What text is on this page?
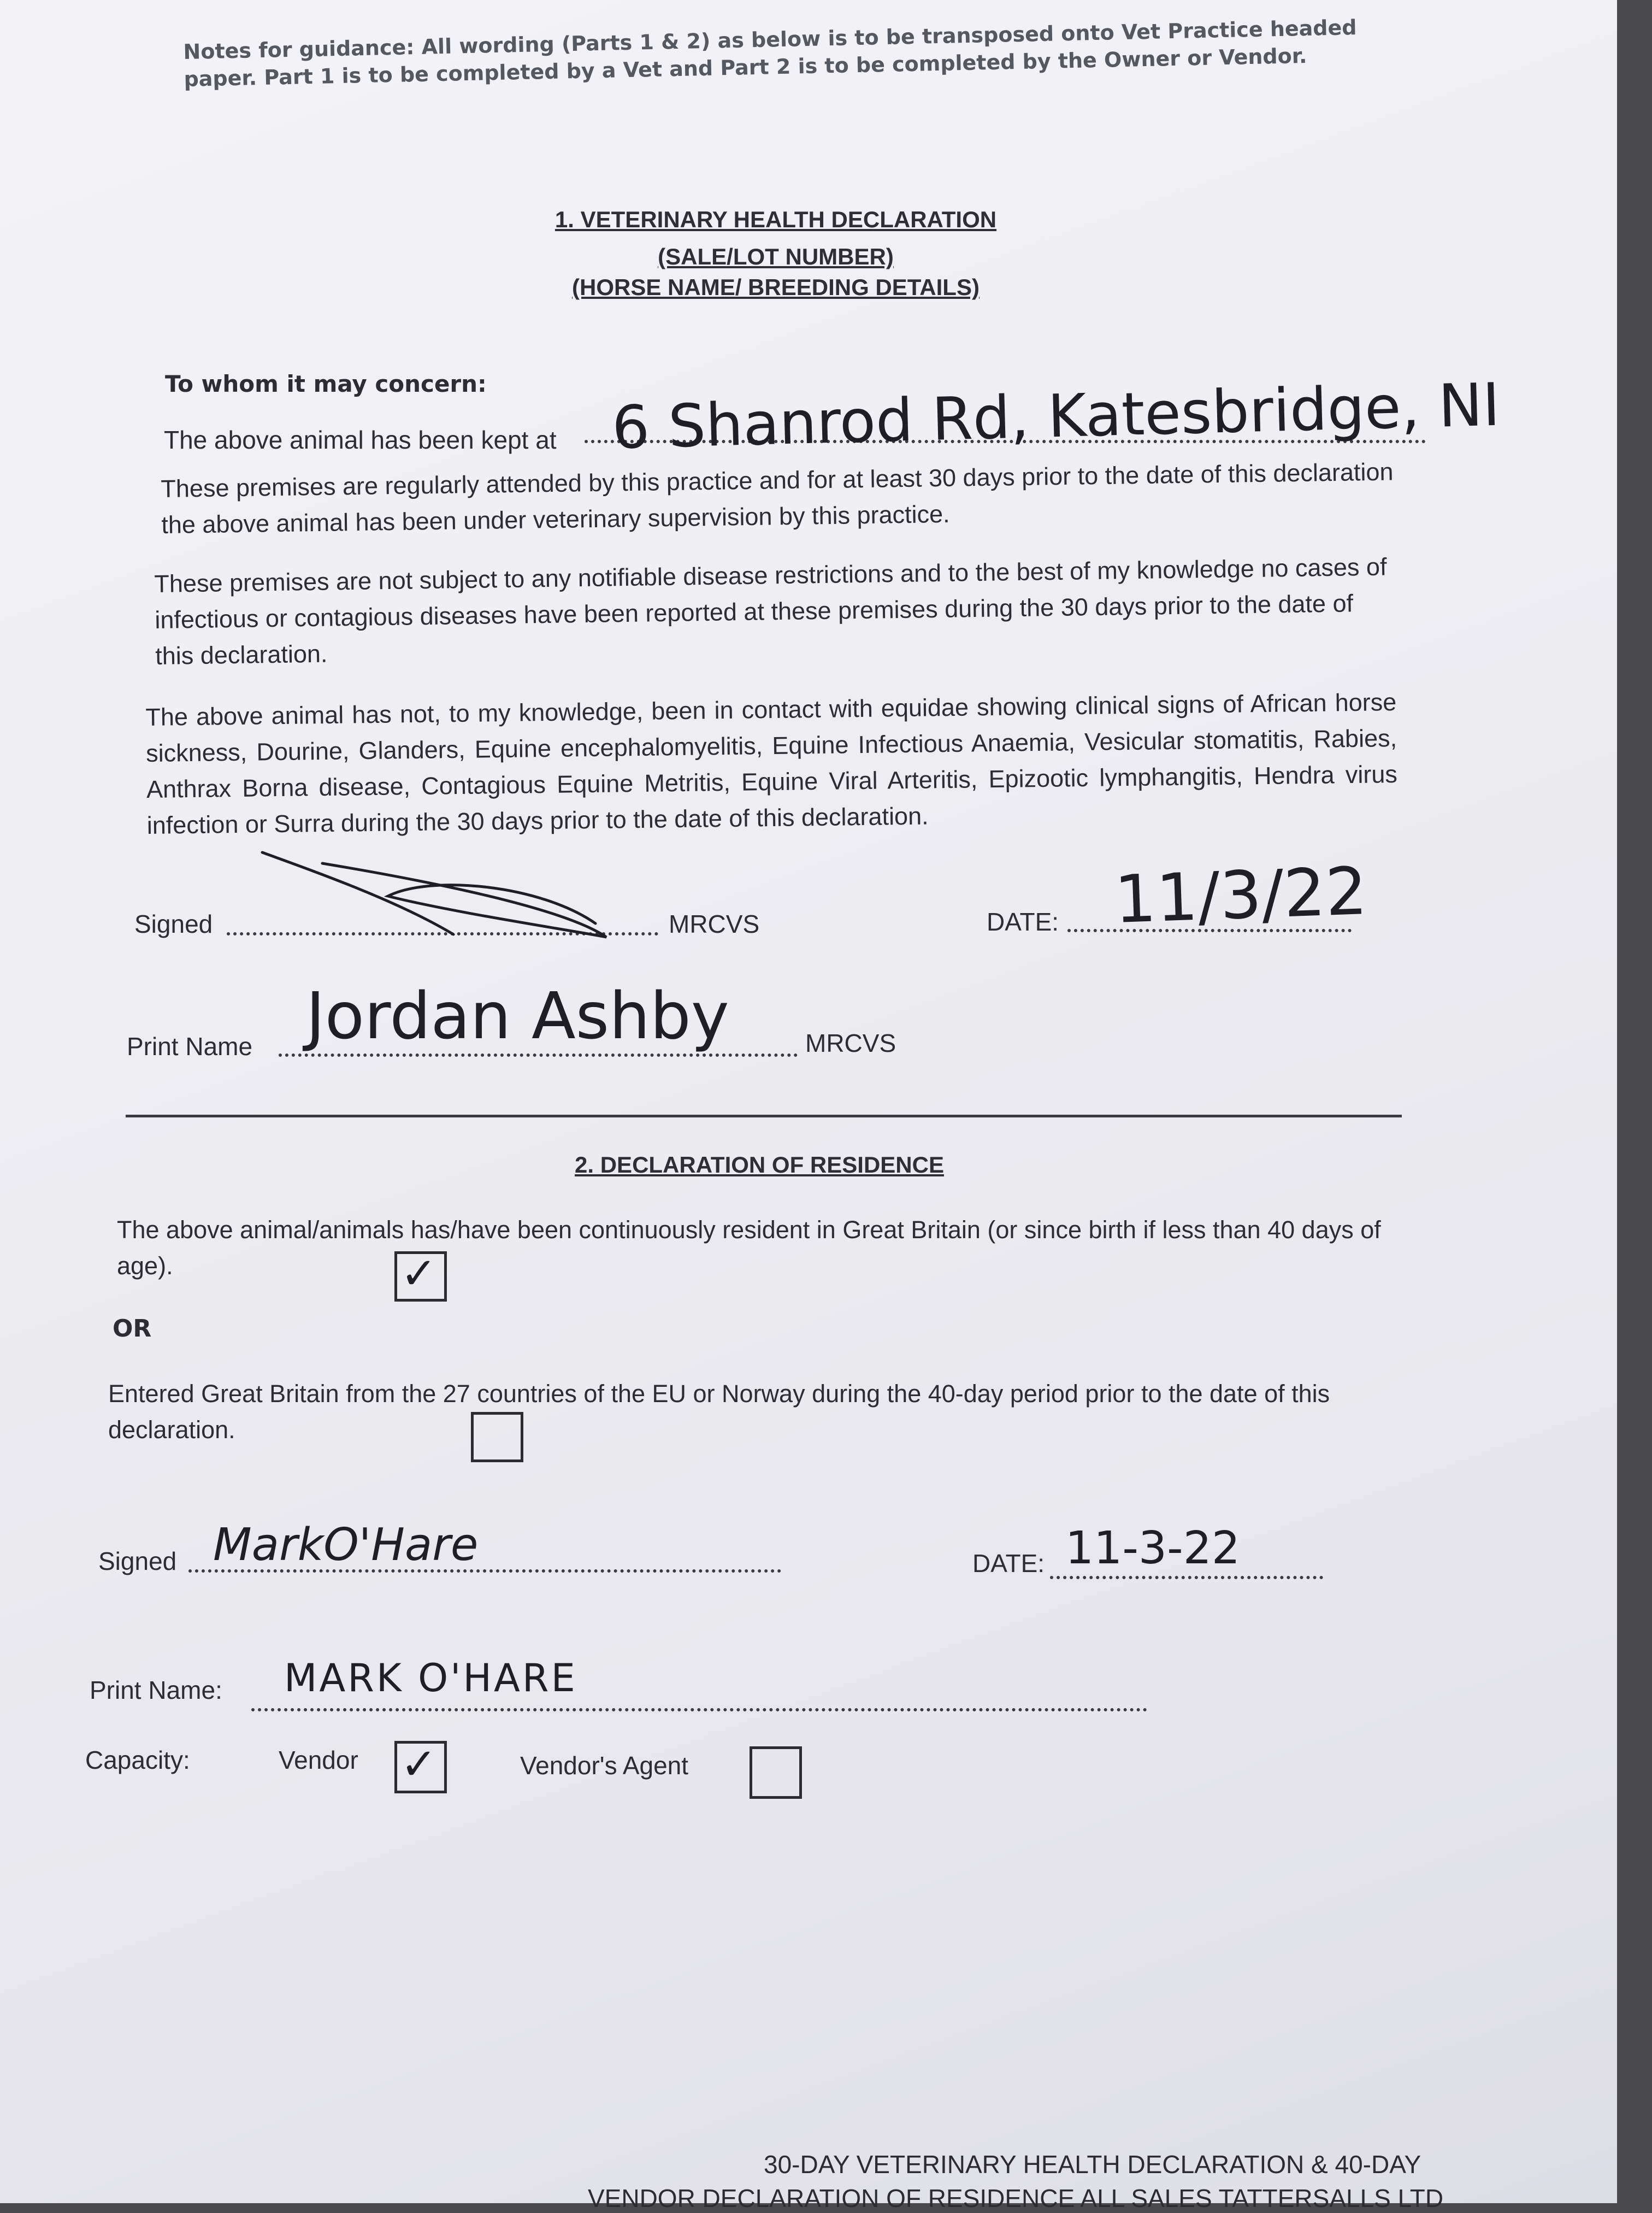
Notes for guidance: All wording (Parts 1 & 2) as below is to be transposed onto Vet Practice headed paper. Part 1 is to be completed by a Vet and Part 2 is to be completed by the Owner or Vendor.
1. VETERINARY HEALTH DECLARATION
(SALE/LOT NUMBER)
(HORSE NAME/ BREEDING DETAILS)
To whom it may concern:
The above animal has been kept at 6 Shanrod Rd, Katesbridge, NI
These premises are regularly attended by this practice and for at least 30 days prior to the date of this declaration the above animal has been under veterinary supervision by this practice.
These premises are not subject to any notifiable disease restrictions and to the best of my knowledge no cases of infectious or contagious diseases have been reported at these premises during the 30 days prior to the date of this declaration.
The above animal has not, to my knowledge, been in contact with equidae showing clinical signs of African horse sickness, Dourine, Glanders, Equine encephalomyelitis, Equine Infectious Anaemia, Vesicular stomatitis, Rabies, Anthrax Borna disease, Contagious Equine Metritis, Equine Viral Arteritis, Epizootic lymphangitis, Hendra virus infection or Surra during the 30 days prior to the date of this declaration.
Signed	MRCVS	DATE: 11/3/22
Print Name Jordan Ashby	MRCVS
2. DECLARATION OF RESIDENCE
The above animal/animals has/have been continuously resident in Great Britain (or since birth if less than 40 days of age).	✓
OR
Entered Great Britain from the 27 countries of the EU or Norway during the 40-day period prior to the date of this declaration.
Signed MarkO'Hare	DATE: 11-3-22
Print Name: MARK O'HARE
Capacity:	Vendor ✓	Vendor's Agent
30-DAY VETERINARY HEALTH DECLARATION & 40-DAY
VENDOR DECLARATION OF RESIDENCE ALL SALES TATTERSALLS LTD
